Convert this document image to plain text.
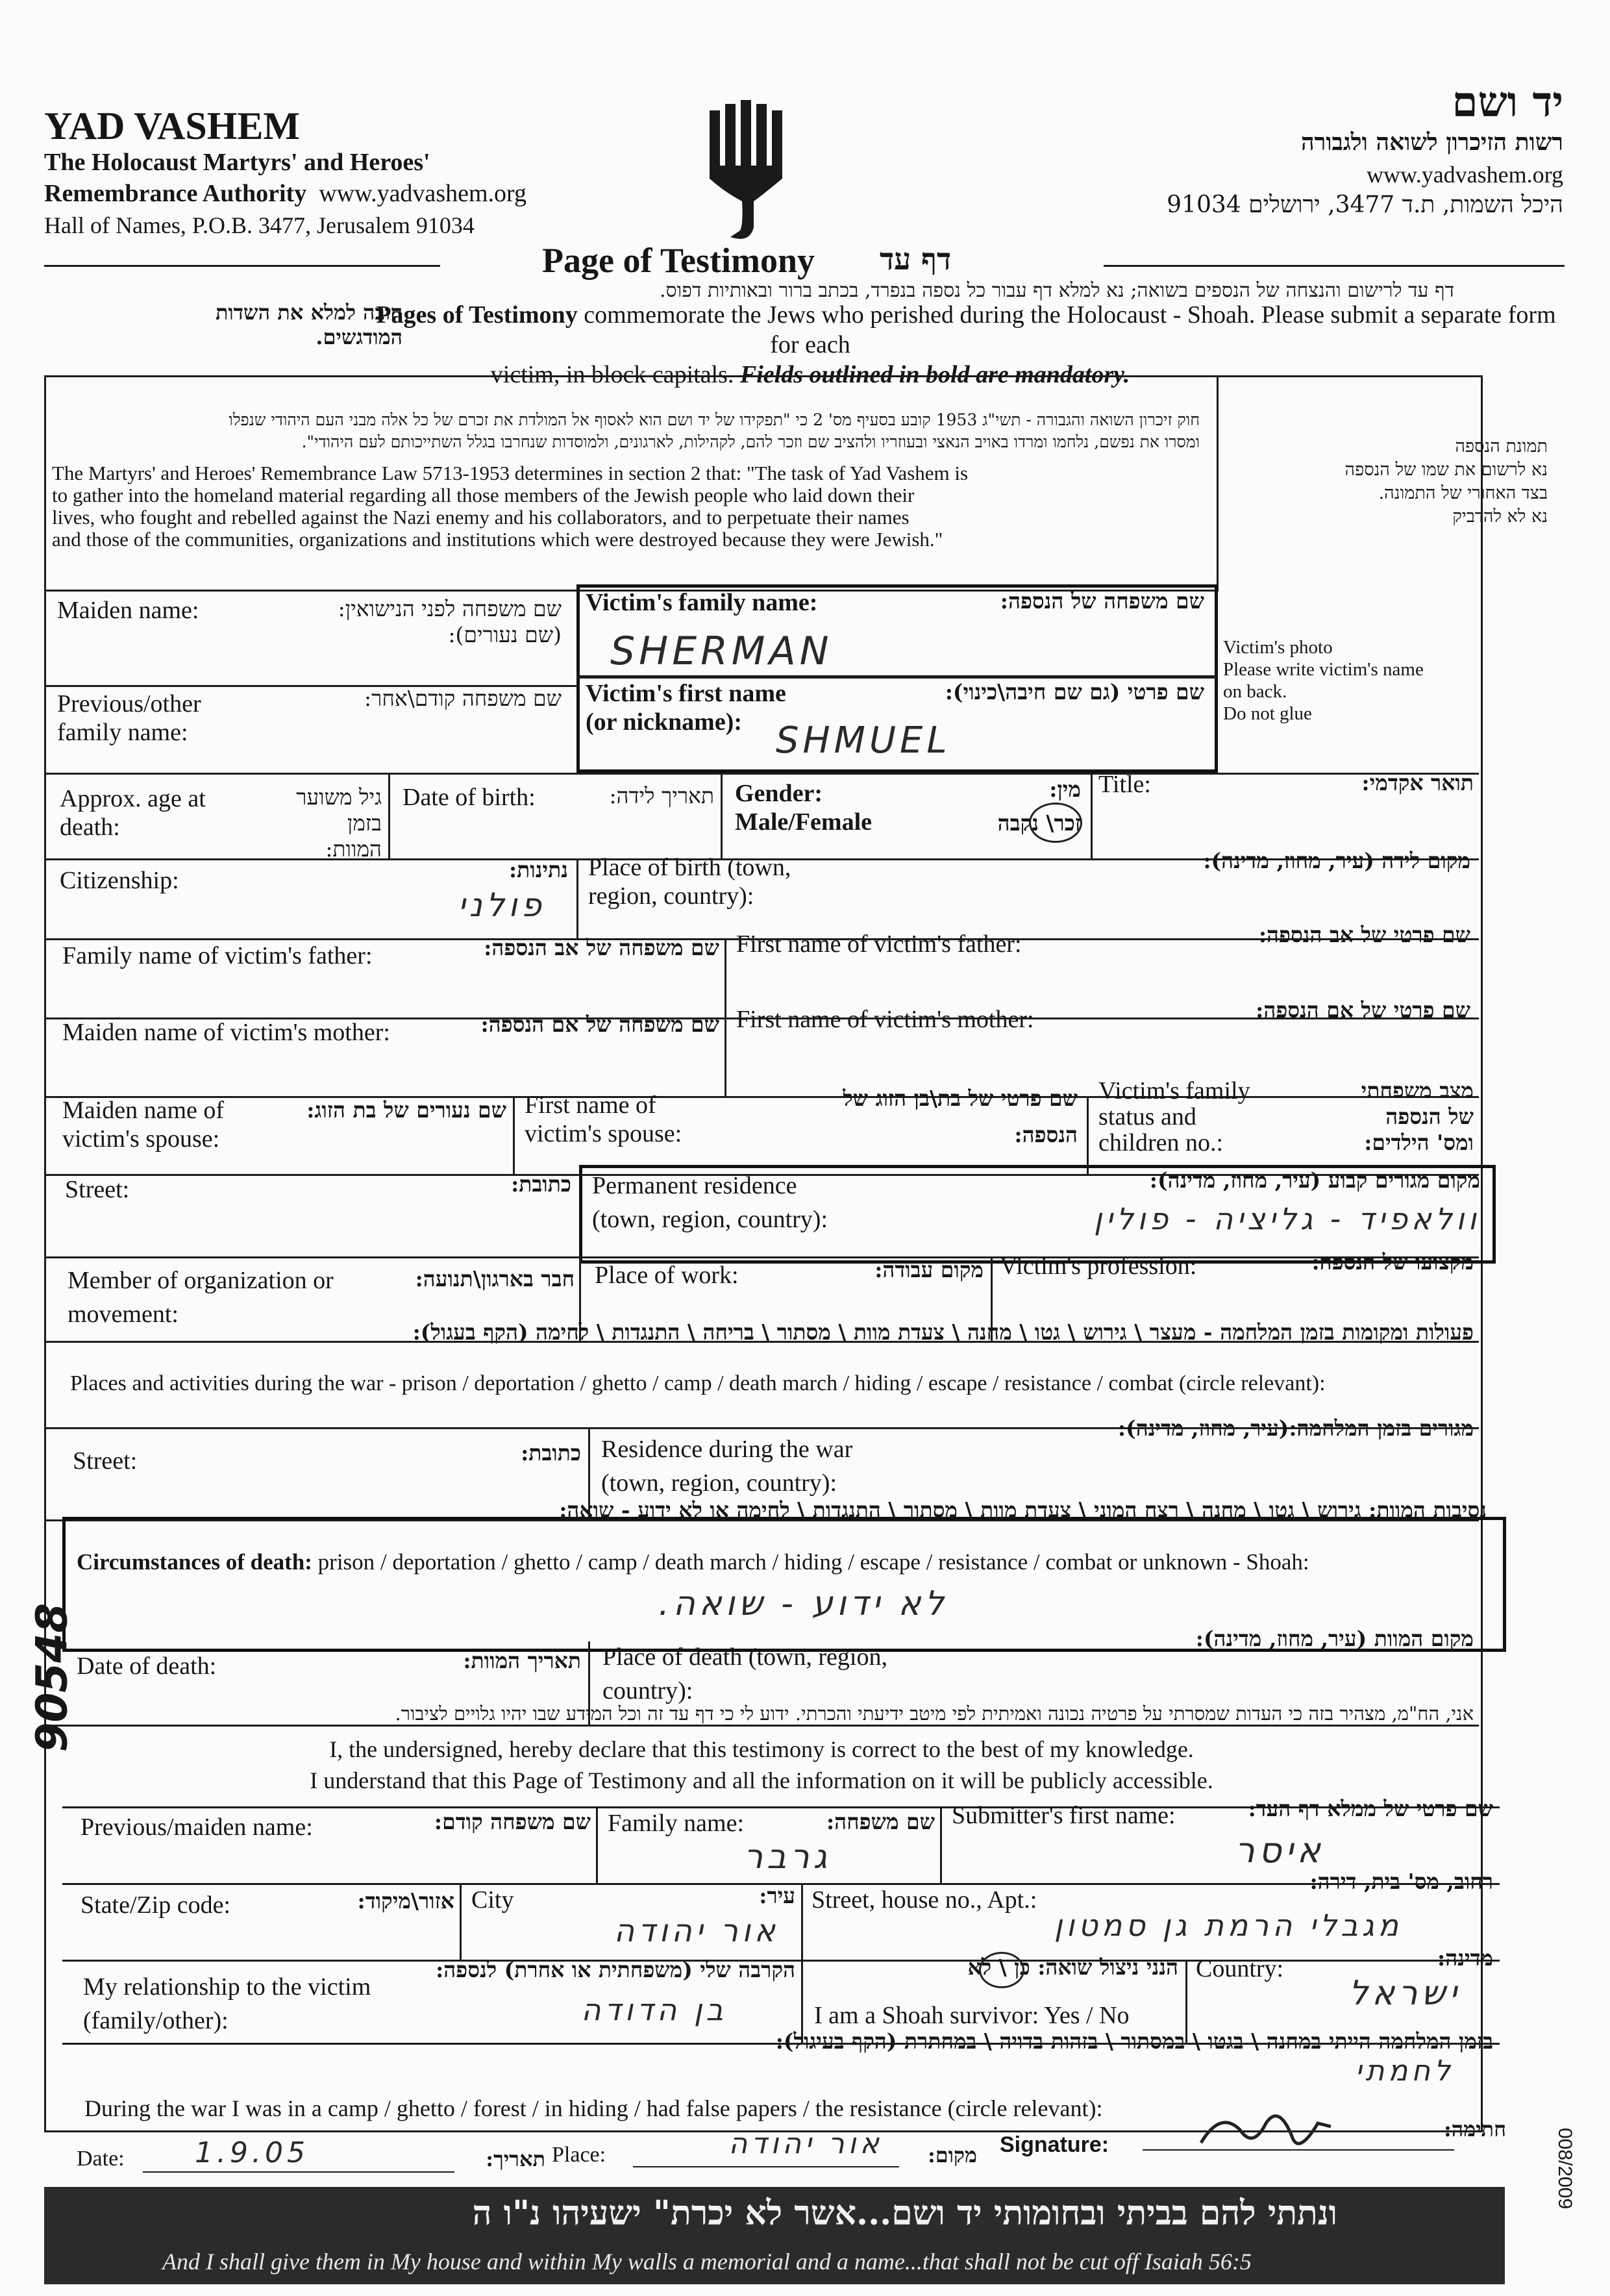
YAD VASHEM
The Holocaust Martyrs' and Heroes'
Remembrance Authority www.yadvashem.org
Hall of Names, P.O.B. 3477, Jerusalem 91034
יד ושם
רשות הזיכרון לשואה ולגבורה
www.yadvashem.org
היכל השמות, ת.ד 3477, ירושלים 91034
Page of Testimony דף עד
דף עד לרישום והנצחה של הנספים בשואה; נא למלא דף עבור כל נספה בנפרד, בכתב ברור ובאותיות דפוס.
חובה למלא את השדות המודגשים.
Pages of Testimony commemorate the Jews who perished during the Holocaust - Shoah. Please submit a separate form for each
victim, in block capitals. Fields outlined in bold are mandatory.
חוק זיכרון השואה והגבורה - תשי"ג 1953 קובע בסעיף מס' 2 כי "תפקידו של יד ושם הוא לאסוף אל המולדת את זכרם של כל אלה מבני העם היהודי שנפלו
ומסרו את נפשם, נלחמו ומרדו באויב הנאצי ובעוזריו ולהציב שם וזכר להם, לקהילות, לארגונים, ולמוסדות שנחרבו בגלל השתייכותם לעם היהודי".
The Martyrs' and Heroes' Remembrance Law 5713-1953 determines in section 2 that: "The task of Yad Vashem is
to gather into the homeland material regarding all those members of the Jewish people who laid down their
lives, who fought and rebelled against the Nazi enemy and his collaborators, and to perpetuate their names
and those of the communities, organizations and institutions which were destroyed because they were Jewish."
תמונת הנספה
נא לרשום את שמו של הנספה
בצד האחורי של התמונה.
נא לא להדביק
Victim's photo
Please write victim's name
on back.
Do not glue
Maiden name:	שם משפחה לפני הנישואין:
(שם נעורים):
Previous/other
family name:
שם משפחה קודם\אחר:
Victim's family name:	שם משפחה של הנספה:
SHERMAN
Victim's first name
(or nickname):
שם פרטי (גם שם חיבה\כינוי):
SHMUEL
Approx. age at
death:
גיל משוער בזמן
המוות:
Date of birth:	תאריך לידה: Gender:
Male/Female
מין:
זכר\ נקבה
Title:	תואר אקדמי:
Citizenship:	נתינות:
פולני
Place of birth (town,
region, country):
מקום לידה (עיר, מחוז, מדינה):
Family name of victim's father:	שם משפחה של אב הנספה: First name of victim's father:	שם פרטי של אב הנספה:
Maiden name of victim's mother:	שם משפחה של אם הנספה: First name of victim's mother:	שם פרטי של אם הנספה:
Maiden name of
victim's spouse:
שם נעורים של בת הזוג: First name of
victim's spouse:
שם פרטי של בת\בן הזוג של
הנספה:
Victim's family
status and
children no.:
מצב משפחתי
של הנספה
ומס' הילדים:
Street:	כתובת: Permanent residence
(town, region, country):
מקום מגורים קבוע (עיר, מחוז, מדינה):
וולאפיד - גליציה - פולין
Member of organization or
movement:
חבר בארגון\תנועה: Place of work:	מקום עבודה: Victim's profession:	מקצועו של הנספה:
פעולות ומקומות בזמן המלחמה - מעצר \ גירוש \ גטו \ מחנה \ צעדת מוות \ מסתור \ בריחה \ התנגדות \ לחימה (הקף בעגול):
Places and activities during the war - prison / deportation / ghetto / camp / death march / hiding / escape / resistance / combat (circle relevant):
Street:	כתובת: Residence during the war
(town, region, country):
מגורים בזמן המלחמה:(עיר, מחוז, מדינה):
נסיבות המוות: גירוש \ גטו \ מחנה \ רצח המוני \ צעדת מוות \ מסתור \ התנגדות \ לחימה או לא ידוע - שואה:
Circumstances of death: prison / deportation / ghetto / camp / death march / hiding / escape / resistance / combat or unknown - Shoah:
לא ידוע - שואה.
Date of death:	תאריך המוות: Place of death (town, region,
country):
מקום המוות (עיר, מחוז, מדינה):
אני, הח"מ, מצהיר בזה כי העדות שמסרתי על פרטיה נכונה ואמיתית לפי מיטב ידיעתי והכרתי. ידוע לי כי דף עד זה וכל המידע שבו יהיו גלויים לציבור.
I, the undersigned, hereby declare that this testimony is correct to the best of my knowledge.
I understand that this Page of Testimony and all the information on it will be publicly accessible.
Previous/maiden name:	שם משפחה קודם: Family name:	שם משפחה:
גרבר
Submitter's first name:	שם פרטי של ממלא דף העד:
איסר
State/Zip code:	אזור\מיקוד: City	עיר:
אור יהודה
Street, house no., Apt.:
רחוב, מס' בית, דירה:
מגבלי הרמת גן סמטון
My relationship to the victim
(family/other):
הקרבה שלי (משפחתית או אחרת) לנספה:
בן הדודה
הנני ניצול שואה: כן \ לא
I am a Shoah survivor: Yes / No
Country:	מדינה:
ישראל
בזמן המלחמה הייתי במחנה \ בגטו \ במסתור \ בזהות בדויה \ במחתרת (הקף בעיגול):
לחמתי
During the war I was in a camp / ghetto / forest / in hiding / had false papers / the resistance (circle relevant):
Date: 1.9.05	תאריך: Place:	אור יהודה	מקום: Signature:
חתימה:
ונתתי להם בביתי ובחומותי יד ושם...אשר לא יכרת" ישעיהו נ"ו ה
And I shall give them in My house and within My walls a memorial and a name...that shall not be cut off Isaiah 56:5
90548
008/2009
